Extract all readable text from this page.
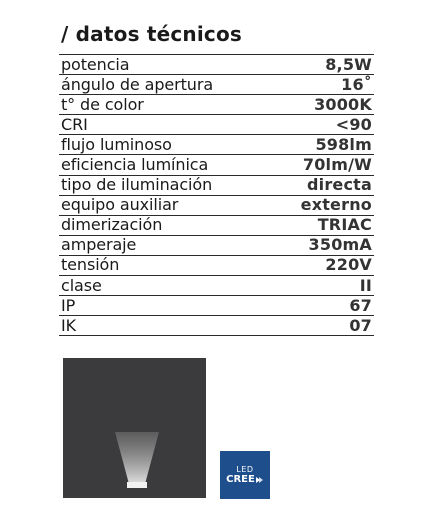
/ datos técnicos
potencia	8,5W
ángulo de apertura	16˚
t° de color	3000K
CRI	<90
flujo luminoso	598lm
eficiencia lumínica	70lm/W
tipo de iluminación	directa
equipo auxiliar	externo
dimerización	TRIAC
amperaje	350mA
tensión	220V
clase	II
IP	67
IK	07
LED
CREE
